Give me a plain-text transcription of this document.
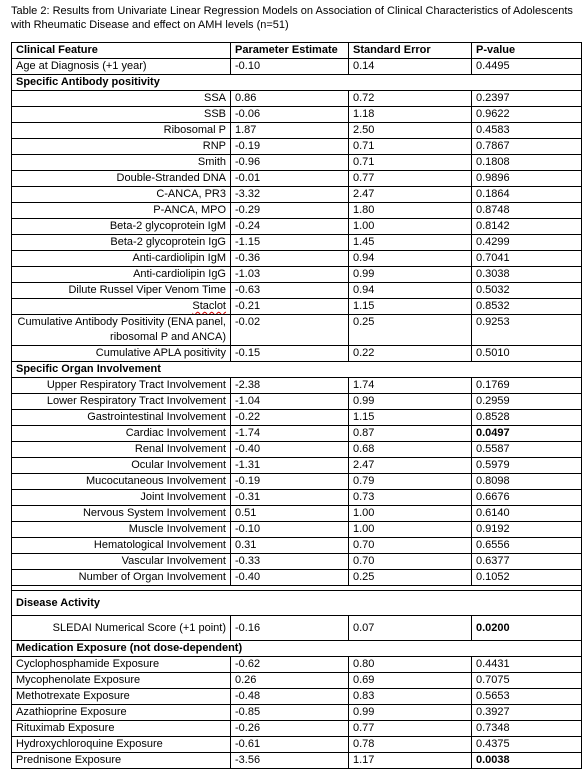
Table 2: Results from Univariate Linear Regression Models on Association of Clinical Characteristics of Adolescents with Rheumatic Disease and effect on AMH levels (n=51)
Clinical Feature	Parameter Estimate	Standard Error	P-value
Age at Diagnosis (+1 year)	-0.10	0.14	0.4495
Specific Antibody positivity			
SSA	0.86	0.72	0.2397
SSB	-0.06	1.18	0.9622
Ribosomal P	1.87	2.50	0.4583
RNP	-0.19	0.71	0.7867
Smith	-0.96	0.71	0.1808
Double-Stranded DNA	-0.01	0.77	0.9896
C-ANCA, PR3	-3.32	2.47	0.1864
P-ANCA, MPO	-0.29	1.80	0.8748
Beta-2 glycoprotein IgM	-0.24	1.00	0.8142
Beta-2 glycoprotein IgG	-1.15	1.45	0.4299
Anti-cardiolipin IgM	-0.36	0.94	0.7041
Anti-cardiolipin IgG	-1.03	0.99	0.3038
Dilute Russel Viper Venom Time	-0.63	0.94	0.5032
Staclot	-0.21	1.15	0.8532
Cumulative Antibody Positivity (ENA panel, ribosomal P and ANCA)	-0.02	0.25	0.9253
Cumulative APLA positivity	-0.15	0.22	0.5010
Specific Organ Involvement			
Upper Respiratory Tract Involvement	-2.38	1.74	0.1769
Lower Respiratory Tract Involvement	-1.04	0.99	0.2959
Gastrointestinal Involvement	-0.22	1.15	0.8528
Cardiac Involvement	-1.74	0.87	0.0497
Renal Involvement	-0.40	0.68	0.5587
Ocular Involvement	-1.31	2.47	0.5979
Mucocutaneous Involvement	-0.19	0.79	0.8098
Joint Involvement	-0.31	0.73	0.6676
Nervous System Involvement	0.51	1.00	0.6140
Muscle Involvement	-0.10	1.00	0.9192
Hematological Involvement	0.31	0.70	0.6556
Vascular Involvement	-0.33	0.70	0.6377
Number of Organ Involvement	-0.40	0.25	0.1052

Disease Activity			
SLEDAI Numerical Score (+1 point)	-0.16	0.07	0.0200
Medication Exposure (not dose-dependent)			
Cyclophosphamide Exposure	-0.62	0.80	0.4431
Mycophenolate Exposure	0.26	0.69	0.7075
Methotrexate Exposure	-0.48	0.83	0.5653
Azathioprine Exposure	-0.85	0.99	0.3927
Rituximab Exposure	-0.26	0.77	0.7348
Hydroxychloroquine Exposure	-0.61	0.78	0.4375
Prednisone Exposure	-3.56	1.17	0.0038
